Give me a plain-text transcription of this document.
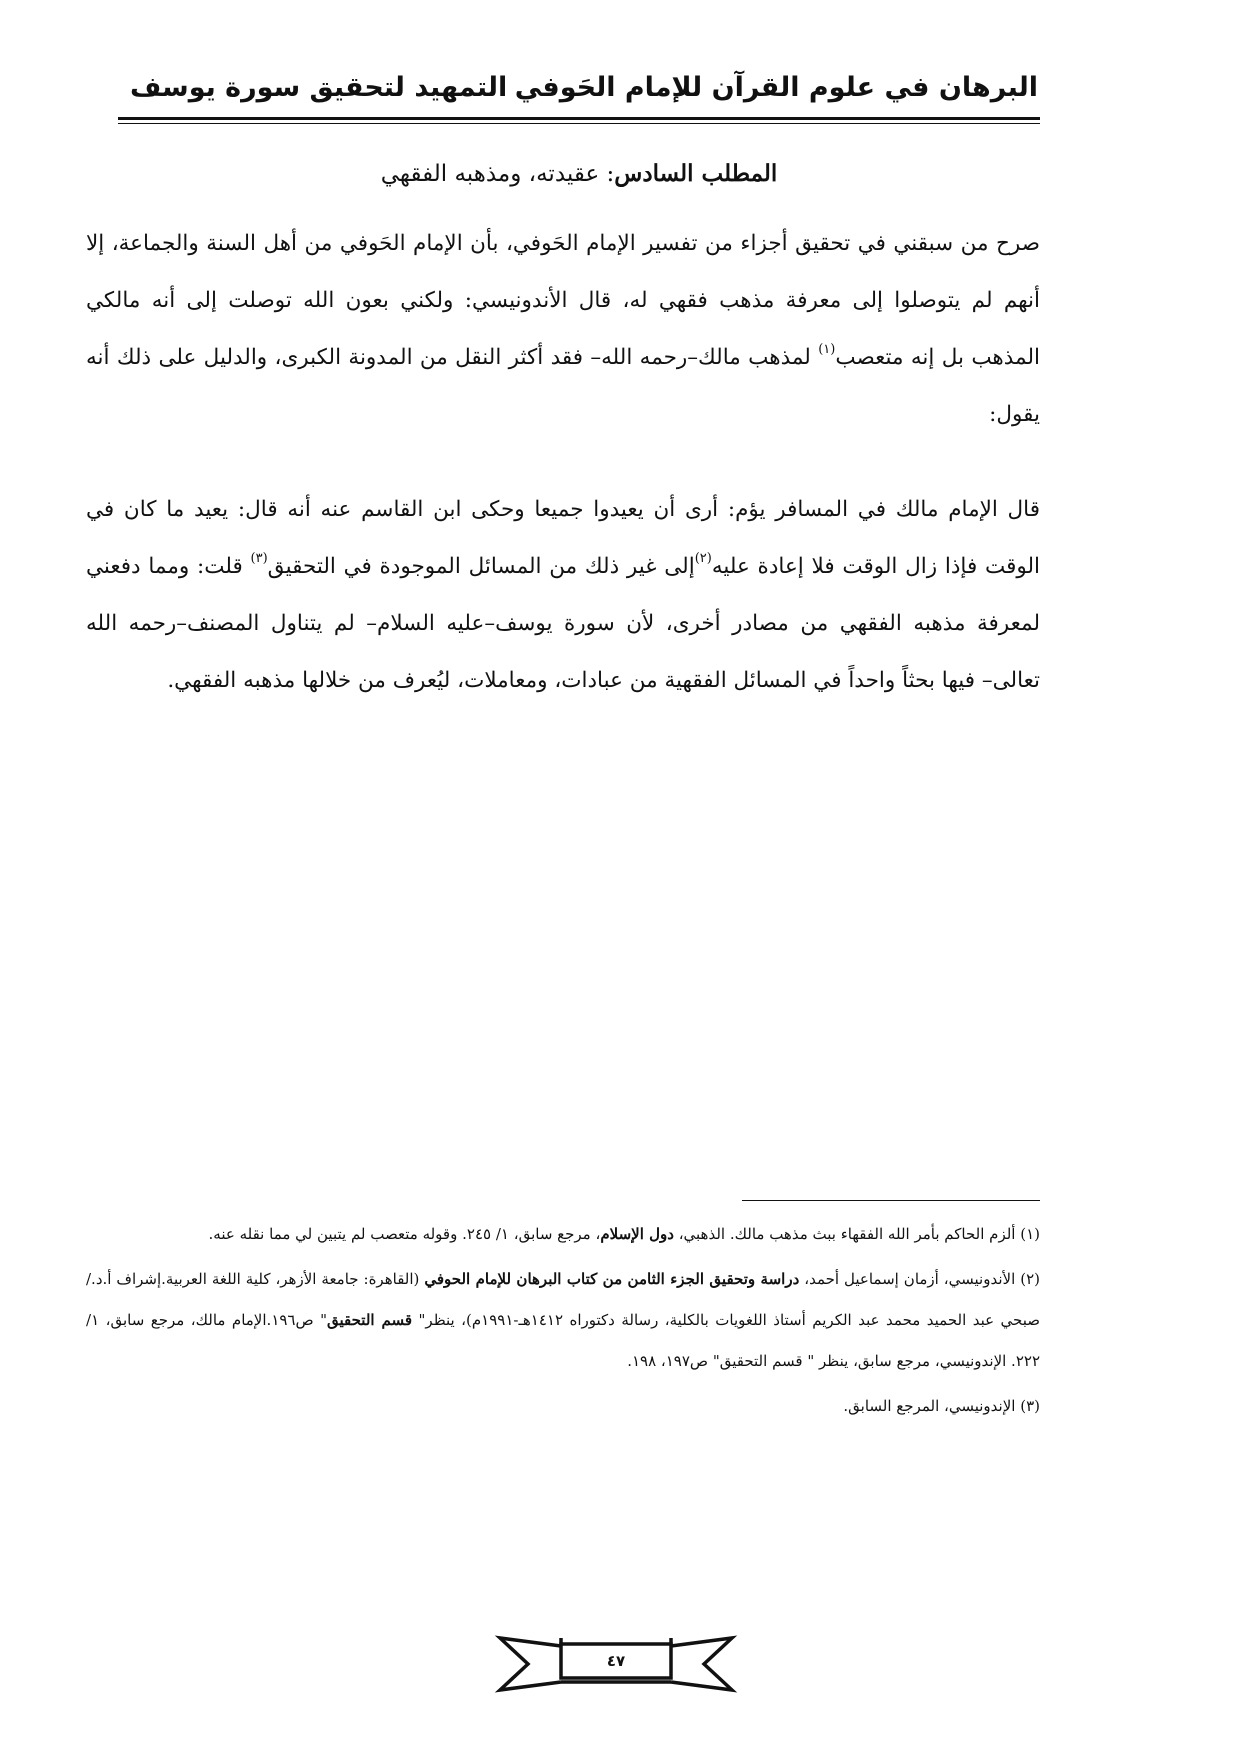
البرهان في علوم القرآن للإمام الحَوفي
التمهيد لتحقيق سورة يوسف
المطلب السادس: عقيدته، ومذهبه الفقهي
صرح من سبقني في تحقيق أجزاء من تفسير الإمام الحَوفي، بأن الإمام الحَوفي من أهل السنة والجماعة، إلا أنهم لم يتوصلوا إلى معرفة مذهب فقهي له، قال الأندونيسي: ولكني بعون الله توصلت إلى أنه مالكي المذهب بل إنه متعصب$^{(١)}$ لمذهب مالك–رحمه الله– فقد أكثر النقل من المدونة الكبرى، والدليل على ذلك أنه يقول:
قال الإمام مالك في المسافر يؤم: أرى أن يعيدوا جميعا وحكى ابن القاسم عنه أنه قال: يعيد ما كان في الوقت فإذا زال الوقت فلا إعادة عليه$^{(٢)}$إلى غير ذلك من المسائل الموجودة في التحقيق$^{(٣)}$ قلت: ومما دفعني لمعرفة مذهبه الفقهي من مصادر أخرى، لأن سورة يوسف–عليه السلام– لم يتناول المصنف–رحمه الله تعالى– فيها بحثاً واحداً في المسائل الفقهية من عبادات، ومعاملات، ليُعرف من خلالها مذهبه الفقهي.

(١) ألزم الحاكم بأمر الله الفقهاء ببث مذهب مالك. الذهبي، دول الإسلام، مرجع سابق، ١/ ٢٤٥. وقوله متعصب لم يتبين لي مما نقله عنه.

(٢) الأندونيسي، أزمان إسماعيل أحمد، دراسة وتحقيق الجزء الثامن من كتاب البرهان للإمام الحوفي (القاهرة: جامعة الأزهر، كلية اللغة العربية.إشراف أ.د./ صبحي عبد الحميد محمد عبد الكريم أستاذ اللغويات بالكلية، رسالة دكتوراه ١٤١٢هـ-١٩٩١م)، ينظر" قسم التحقيق" ص١٩٦.الإمام مالك، مرجع سابق، ١/ ٢٢٢. الإندونيسي، مرجع سابق، ينظر " قسم التحقيق" ص١٩٧، ١٩٨.

(٣) الإندونيسي، المرجع السابق.

٤٧
